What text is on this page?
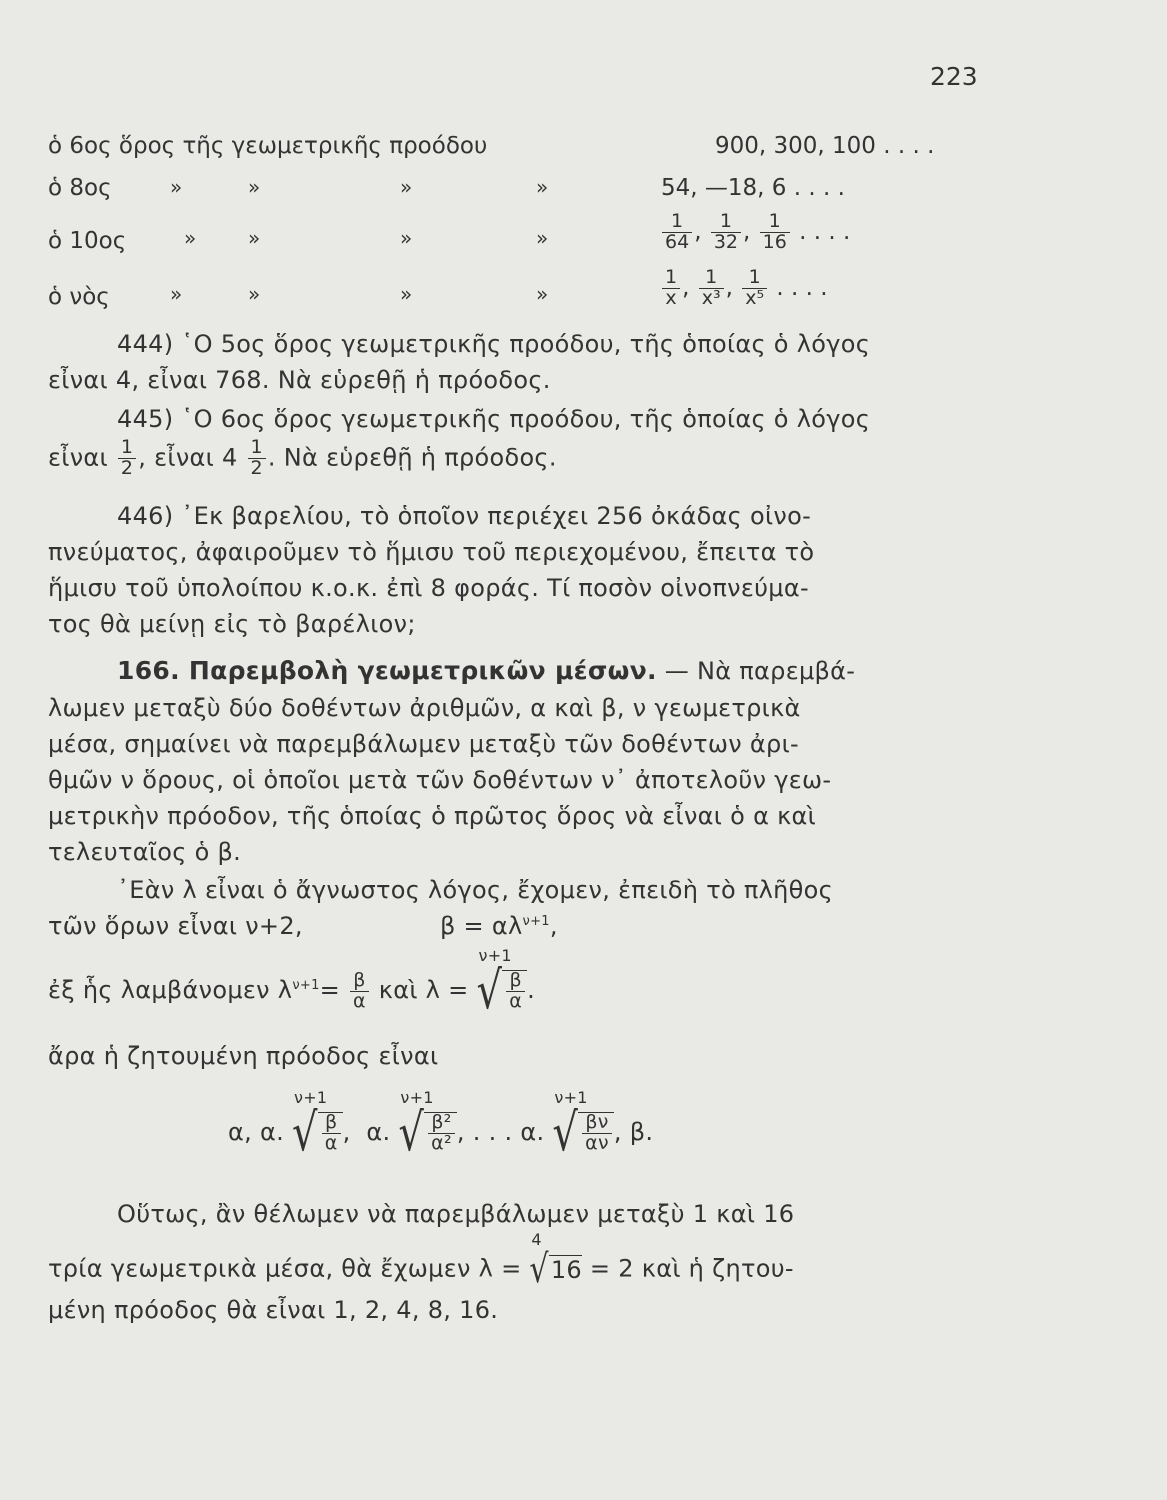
223
ὁ 6ος ὅρος τῆς γεωμετρικῆς προόδου	900, 300, 100 . . . .
ὁ 8ος	»	»	»	»	54, —18, 6 . . . .
ὁ 10ος	»	»	»	»	$\frac{1}{64}$ , $\frac{1}{32}$ , $\frac{1}{16}$ . . . .
ὁ νὸς	»	»	»	»	$\frac{1}{x}$ , $\frac{1}{\text{x³}}$ , $\frac{1}{\text{x⁵}}$ . . . .
444) ῾Ο 5ος ὅρος γεωμετρικῆς προόδου, τῆς ὁποίας ὁ λόγος
εἶναι 4, εἶναι 768. Νὰ εὑρεθῇ ἡ πρόοδος.
445) ῾Ο 6ος ὅρος γεωμετρικῆς προόδου, τῆς ὁποίας ὁ λόγος
εἶναι $\frac{1}{2}$ , εἶναι $4 \frac{1}{2}$ . Νὰ εὑρεθῇ ἡ πρόοδος.
446) ᾿Εκ βαρελίου, τὸ ὁποῖον περιέχει 256 ὀκάδας οἰνο-
πνεύματος, ἀφαιροῦμεν τὸ ἥμισυ τοῦ περιεχομένου, ἔπειτα τὸ
ἥμισυ τοῦ ὑπολοίπου κ.ο.κ. ἐπὶ 8 φοράς. Τί ποσὸν οἰνοπνεύμα-
τος θὰ μείνῃ εἰς τὸ βαρέλιον;
166. Παρεμβολὴ γεωμετρικῶν μέσων. — Νὰ παρεμβά-
λωμεν μεταξὺ δύο δοθέντων ἀριθμῶν, α καὶ β, ν γεωμετρικὰ
μέσα, σημαίνει νὰ παρεμβάλωμεν μεταξὺ τῶν δοθέντων ἀρι-
θμῶν ν ὅρους, οἱ ὁποῖοι μετὰ τῶν δοθέντων ν᾿ ἀποτελοῦν γεω-
μετρικὴν πρόοδον, τῆς ὁποίας ὁ πρῶτος ὅρος νὰ εἶναι ὁ α καὶ
τελευταῖος ὁ β.
᾿Εὰν λ εἶναι ὁ ἄγνωστος λόγος, ἔχομεν, ἐπειδὴ τὸ πλῆθος
τῶν ὅρων εἶναι ν+2,	$\beta = \alpha\lambda^{\nu+1}$,
ἐξ ἧς λαμβάνομεν $\lambda^{\nu+1}= \frac{\beta}{\alpha}$ καὶ λ =
ν+1
√ $\frac{\beta}{\alpha}$ .
ἄρα ἡ ζητουμένη πρόοδος εἶναι
α, α.
ν+1
√ $\frac{\beta}{\alpha}$ ,  α.
ν+1
√ $\frac{\text{β²}}{\text{α²}}$ , . . . α.
ν+1
√ $\frac{\beta\nu}{\alpha\nu}$ , β.
Οὕτως, ἂν θέλωμεν νὰ παρεμβάλωμεν μεταξὺ 1 καὶ 16
τρία γεωμετρικὰ μέσα, θὰ ἔχωμεν λ =
4
√16 = 2 καὶ ἡ ζητου-
μένη πρόοδος θὰ εἶναι 1, 2, 4, 8, 16.
